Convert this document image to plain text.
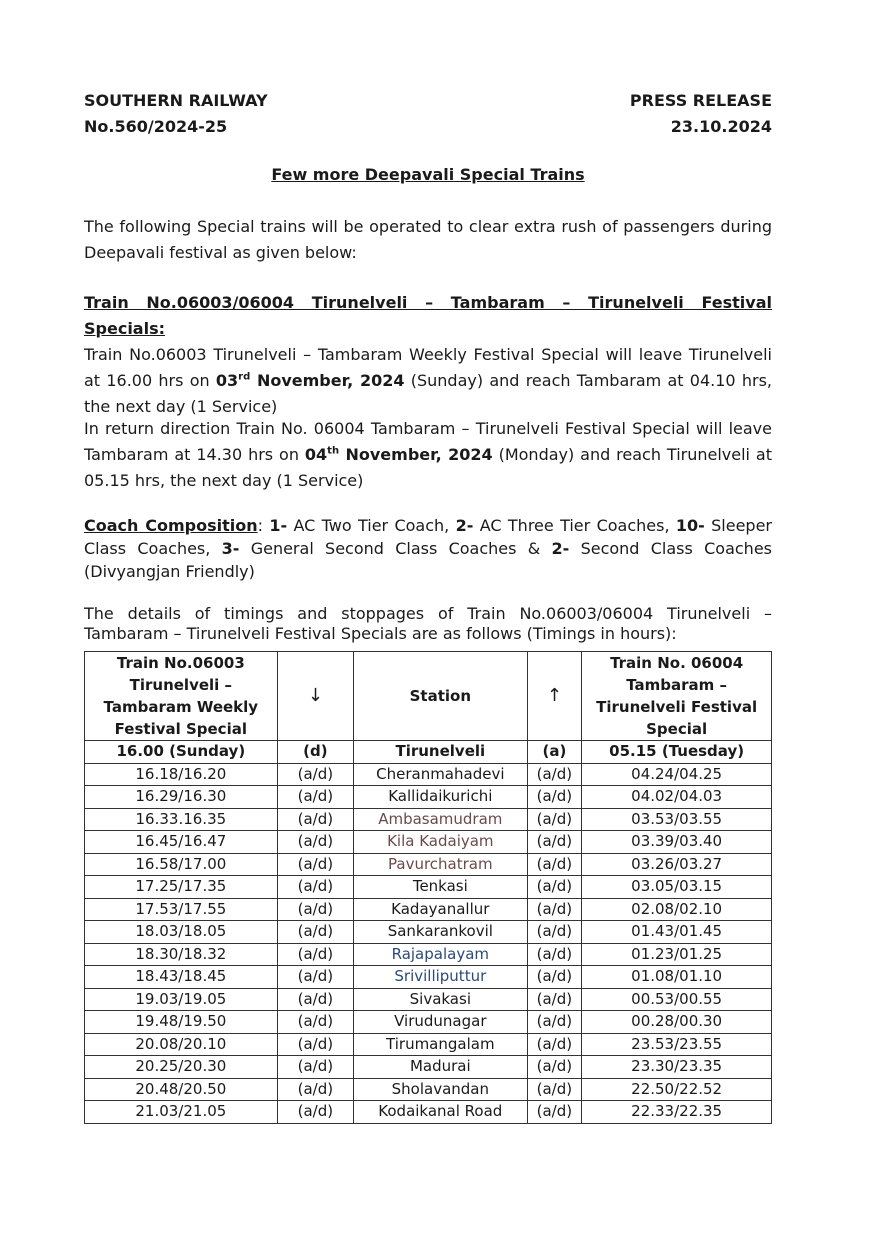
SOUTHERN RAILWAY
No.560/2024-25
PRESS RELEASE
23.10.2024
Few more Deepavali Special Trains
The following Special trains will be operated to clear extra rush of passengers during Deepavali festival as given below:
Train No.06003/06004 Tirunelveli – Tambaram – Tirunelveli Festival Specials:
Train No.06003 Tirunelveli – Tambaram Weekly Festival Special will leave Tirunelveli at 16.00 hrs on 03rd November, 2024 (Sunday) and reach Tambaram at 04.10 hrs, the next day (1 Service)
In return direction Train No. 06004 Tambaram – Tirunelveli Festival Special will leave Tambaram at 14.30 hrs on 04th November, 2024 (Monday) and reach Tirunelveli at 05.15 hrs, the next day (1 Service)
Coach Composition: 1- AC Two Tier Coach, 2- AC Three Tier Coaches, 10- Sleeper Class Coaches, 3- General Second Class Coaches & 2- Second Class Coaches (Divyangjan Friendly)
The details of timings and stoppages of Train No.06003/06004 Tirunelveli – Tambaram – Tirunelveli Festival Specials are as follows (Timings in hours):
Train No.06003 Tirunelveli – Tambaram Weekly Festival Special	↓	Station	↑	Train No. 06004 Tambaram – Tirunelveli Festival Special
16.00 (Sunday)	(d)	Tirunelveli	(a)	05.15 (Tuesday)
16.18/16.20	(a/d)	Cheranmahadevi	(a/d)	04.24/04.25
16.29/16.30	(a/d)	Kallidaikurichi	(a/d)	04.02/04.03
16.33.16.35	(a/d)	Ambasamudram	(a/d)	03.53/03.55
16.45/16.47	(a/d)	Kila Kadaiyam	(a/d)	03.39/03.40
16.58/17.00	(a/d)	Pavurchatram	(a/d)	03.26/03.27
17.25/17.35	(a/d)	Tenkasi	(a/d)	03.05/03.15
17.53/17.55	(a/d)	Kadayanallur	(a/d)	02.08/02.10
18.03/18.05	(a/d)	Sankarankovil	(a/d)	01.43/01.45
18.30/18.32	(a/d)	Rajapalayam	(a/d)	01.23/01.25
18.43/18.45	(a/d)	Srivilliputtur	(a/d)	01.08/01.10
19.03/19.05	(a/d)	Sivakasi	(a/d)	00.53/00.55
19.48/19.50	(a/d)	Virudunagar	(a/d)	00.28/00.30
20.08/20.10	(a/d)	Tirumangalam	(a/d)	23.53/23.55
20.25/20.30	(a/d)	Madurai	(a/d)	23.30/23.35
20.48/20.50	(a/d)	Sholavandan	(a/d)	22.50/22.52
21.03/21.05	(a/d)	Kodaikanal Road	(a/d)	22.33/22.35
